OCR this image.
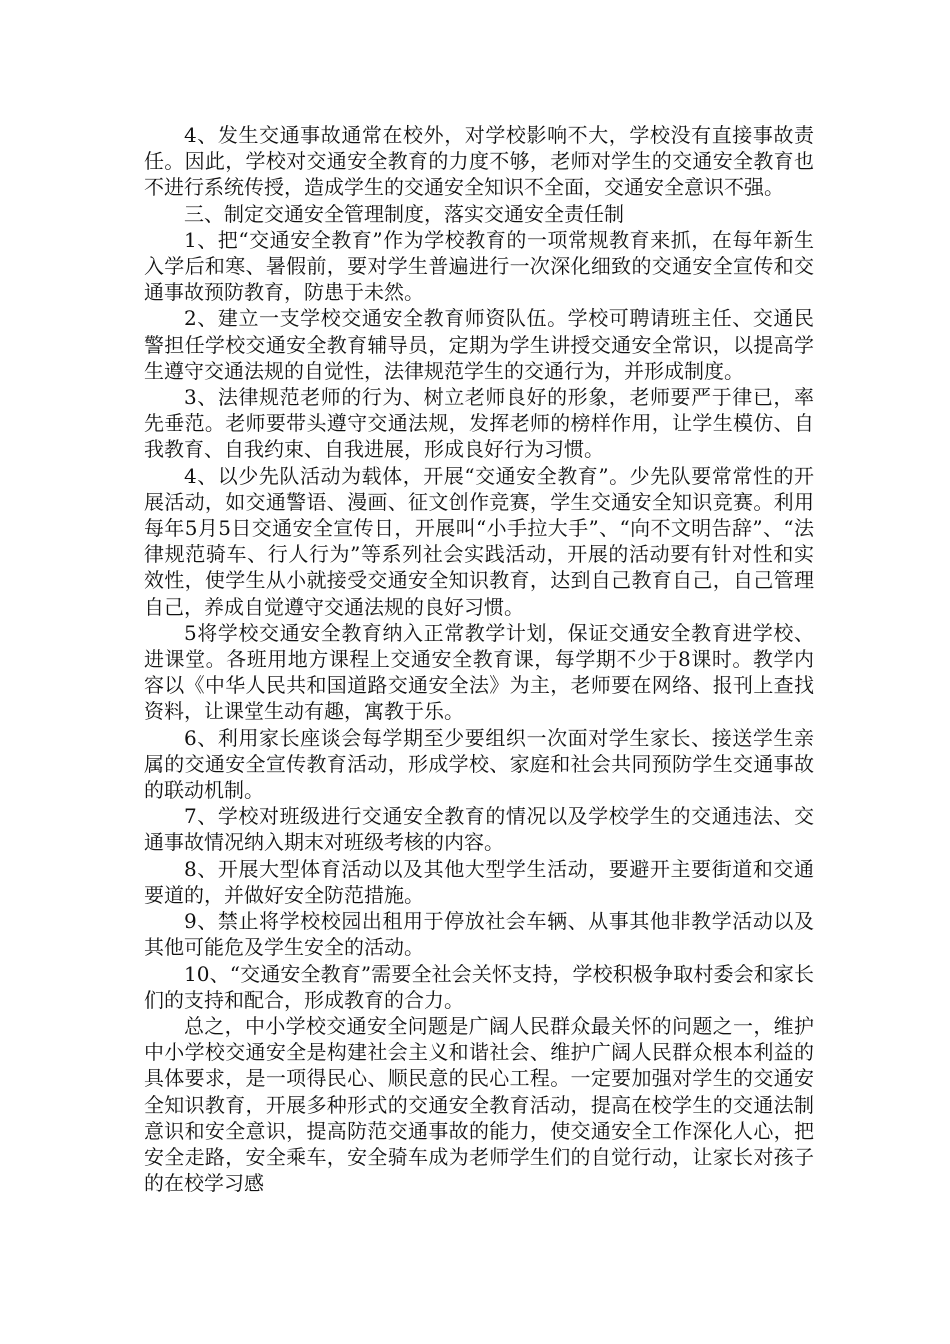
4、发生交通事故通常在校外，对学校影响不大，学校没有直接事故责任。因此，学校对交通安全教育的力度不够，老师对学生的交通安全教育也不进行系统传授，造成学生的交通安全知识不全面，交通安全意识不强。

三、制定交通安全管理制度，落实交通安全责任制

1、把“交通安全教育”作为学校教育的一项常规教育来抓，在每年新生入学后和寒、暑假前，要对学生普遍进行一次深化细致的交通安全宣传和交通事故预防教育，防患于未然。

2、建立一支学校交通安全教育师资队伍。学校可聘请班主任、交通民警担任学校交通安全教育辅导员，定期为学生讲授交通安全常识，以提高学生遵守交通法规的自觉性，法律规范学生的交通行为，并形成制度。

3、法律规范老师的行为、树立老师良好的形象，老师要严于律已，率先垂范。老师要带头遵守交通法规，发挥老师的榜样作用，让学生模仿、自我教育、自我约束、自我进展，形成良好行为习惯。

4、以少先队活动为载体，开展“交通安全教育”。少先队要常常性的开展活动，如交通警语、漫画、征文创作竞赛，学生交通安全知识竞赛。利用每年5月5日交通安全宣传日，开展叫“小手拉大手”、“向不文明告辞”、“法律规范骑车、行人行为”等系列社会实践活动，开展的活动要有针对性和实效性，使学生从小就接受交通安全知识教育，达到自己教育自己，自己管理自己，养成自觉遵守交通法规的良好习惯。

5将学校交通安全教育纳入正常教学计划，保证交通安全教育进学校、进课堂。各班用地方课程上交通安全教育课，每学期不少于8课时。教学内容以《中华人民共和国道路交通安全法》为主，老师要在网络、报刊上查找资料，让课堂生动有趣，寓教于乐。

6、利用家长座谈会每学期至少要组织一次面对学生家长、接送学生亲属的交通安全宣传教育活动，形成学校、家庭和社会共同预防学生交通事故的联动机制。

7、学校对班级进行交通安全教育的情况以及学校学生的交通违法、交通事故情况纳入期末对班级考核的内容。

8、开展大型体育活动以及其他大型学生活动，要避开主要街道和交通要道的，并做好安全防范措施。

9、禁止将学校校园出租用于停放社会车辆、从事其他非教学活动以及其他可能危及学生安全的活动。

10、“交通安全教育”需要全社会关怀支持，学校积极争取村委会和家长们的支持和配合，形成教育的合力。

总之，中小学校交通安全问题是广阔人民群众最关怀的问题之一，维护中小学校交通安全是构建社会主义和谐社会、维护广阔人民群众根本利益的具体要求，是一项得民心、顺民意的民心工程。一定要加强对学生的交通安全知识教育，开展多种形式的交通安全教育活动，提高在校学生的交通法制意识和安全意识，提高防范交通事故的能力，使交通安全工作深化人心，把安全走路，安全乘车，安全骑车成为老师学生们的自觉行动，让家长对孩子的在校学习感
